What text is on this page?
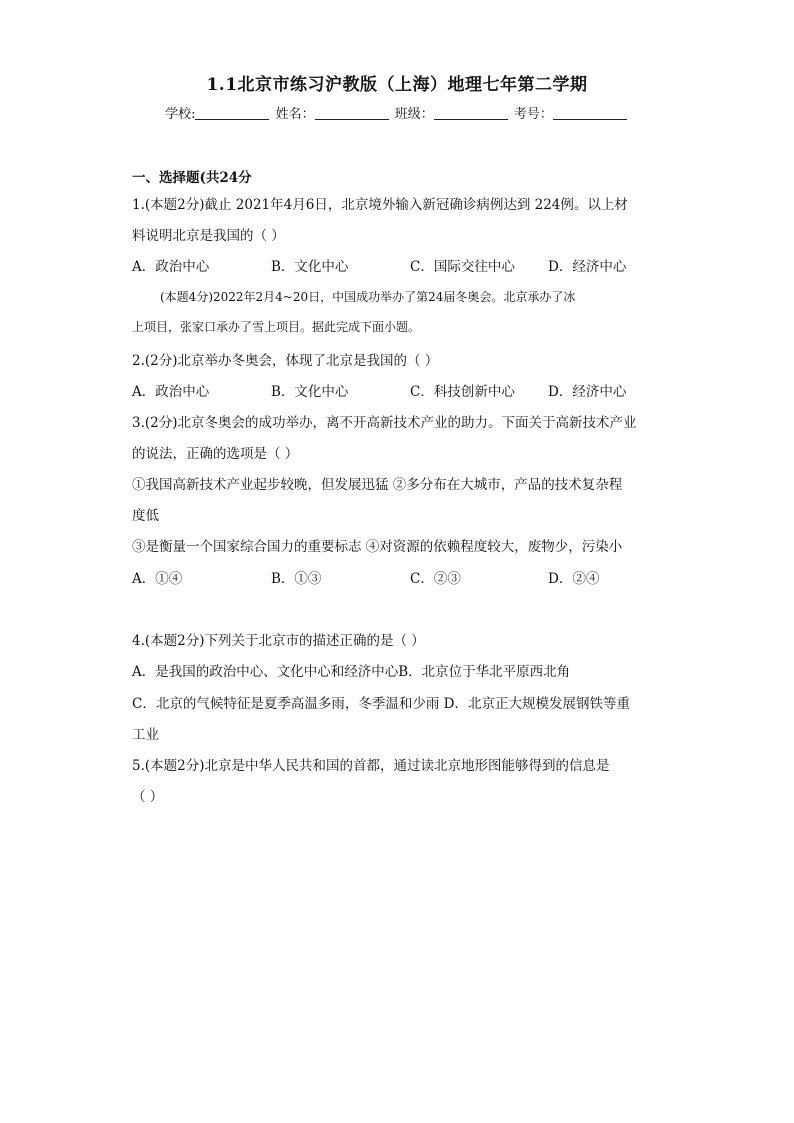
1.1北京市练习沪教版（上海）地理七年第二学期
学校:	姓名：	班级：	考号：
一、选择题(共24分
1.(本题2分)截止 2021年4月6日，北京境外输入新冠确诊病例达到 224例。以上材
料说明北京是我国的（ ）
A．政治中心	B．文化中心	C．国际交往中心 D．经济中心
(本题4分)2022年2月4~20日，中国成功举办了第24届冬奥会。北京承办了冰
上项目，张家口承办了雪上项目。据此完成下面小题。
2.(2分)北京举办冬奥会，体现了北京是我国的（ ）
A．政治中心	B．文化中心	C．科技创新中心 D．经济中心
3.(2分)北京冬奥会的成功举办，离不开高新技术产业的助力。下面关于高新技术产业
的说法，正确的选项是（ ）
①我国高新技术产业起步较晚，但发展迅猛 ②多分布在大城市，产品的技术复杂程
度低
③是衡量一个国家综合国力的重要标志 ④对资源的依赖程度较大，废物少，污染小
A．①④	B．①③	C．②③	D．②④
4.(本题2分)下列关于北京市的描述正确的是（ ）
A．是我国的政治中心、文化中心和经济中心B．北京位于华北平原西北角
C．北京的气候特征是夏季高温多雨，冬季温和少雨 D．北京正大规模发展钢铁等重
工业
5.(本题2分)北京是中华人民共和国的首都，通过读北京地形图能够得到的信息是
（ ）
